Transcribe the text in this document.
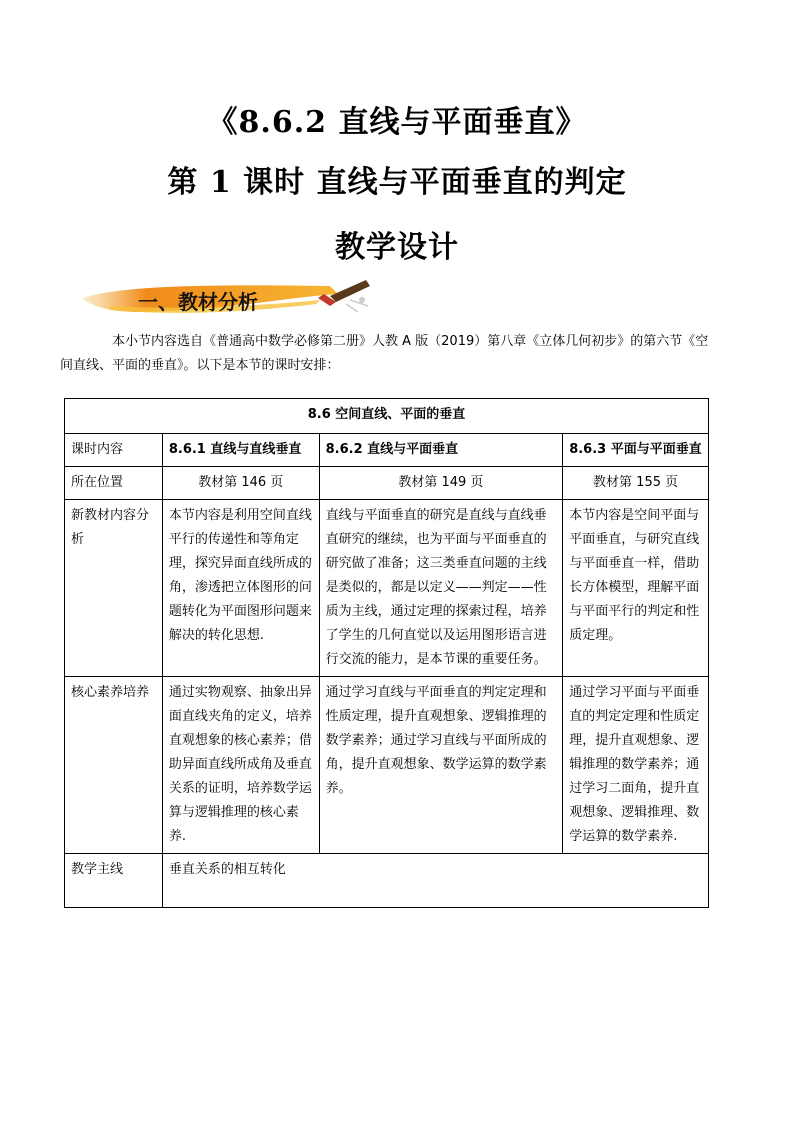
《8.6.2 直线与平面垂直》
第 1 课时 直线与平面垂直的判定
教学设计
一、教材分析

本小节内容选自《普通高中数学必修第二册》人教 A 版（2019）第八章《立体几何初步》的第六节《空

间直线、平面的垂直》。以下是本节的课时安排：

8.6 空间直线、平面的垂直			
课时内容	8.6.1 直线与直线垂直	8.6.2 直线与平面垂直	8.6.3 平面与平面垂直
所在位置	教材第 146 页	教材第 149 页	教材第 155 页
新教材内容分析	本节内容是利用空间直线平行的传递性和等角定理，探究异面直线所成的角，渗透把立体图形的问题转化为平面图形问题来解决的转化思想.	直线与平面垂直的研究是直线与直线垂直研究的继续，也为平面与平面垂直的研究做了准备；这三类垂直问题的主线是类似的，都是以定义——判定——性质为主线，通过定理的探索过程，培养了学生的几何直觉以及运用图形语言进行交流的能力，是本节课的重要任务。	本节内容是空间平面与平面垂直，与研究直线与平面垂直一样，借助长方体模型，理解平面与平面平行的判定和性质定理。
核心素养培养	通过实物观察、抽象出异面直线夹角的定义，培养直观想象的核心素养；借助异面直线所成角及垂直关系的证明，培养数学运算与逻辑推理的核心素养.	通过学习直线与平面垂直的判定定理和性质定理，提升直观想象、逻辑推理的数学素养；通过学习直线与平面所成的角，提升直观想象、数学运算的数学素养。	通过学习平面与平面垂直的判定定理和性质定理，提升直观想象、逻辑推理的数学素养；通过学习二面角，提升直观想象、逻辑推理、数学运算的数学素养.
教学主线	垂直关系的相互转化		
